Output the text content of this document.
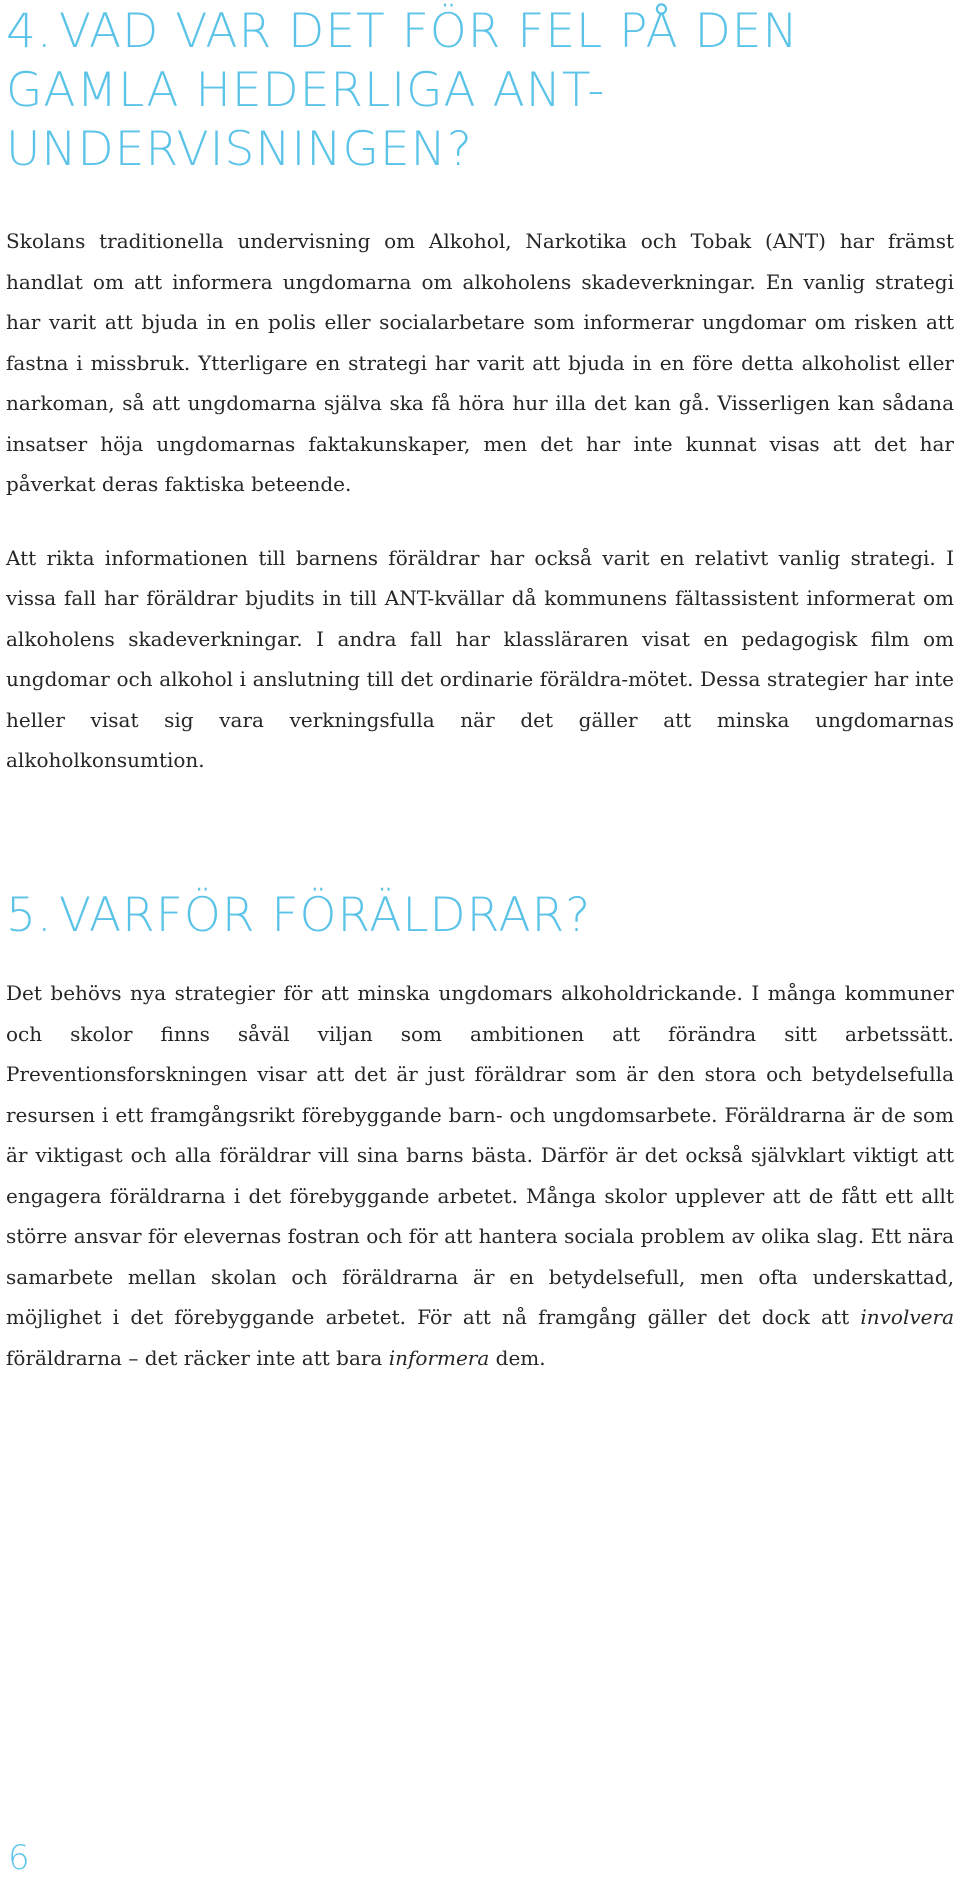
4. VAD VAR DET FÖR FEL PÅ DEN GAMLA HEDERLIGA ANT-UNDERVISNINGEN?

Skolans traditionella undervisning om Alkohol, Narkotika och Tobak (ANT) har främst handlat om att informera ungdomarna om alkoholens skadeverkningar. En vanlig strategi har varit att bjuda in en polis eller socialarbetare som informerar ungdomar om risken att fastna i missbruk. Ytterligare en strategi har varit att bjuda in en före detta alkoholist eller narkoman, så att ungdomarna själva ska få höra hur illa det kan gå. Visserligen kan sådana insatser höja ungdomarnas faktakunskaper, men det har inte kunnat visas att det har påverkat deras faktiska beteende.

Att rikta informationen till barnens föräldrar har också varit en relativt vanlig strategi. I vissa fall har föräldrar bjudits in till ANT-kvällar då kommunens fältassistent informerat om alkoholens skadeverkningar. I andra fall har klassläraren visat en pedagogisk film om ungdomar och alkohol i anslutning till det ordinarie föräldra-mötet. Dessa strategier har inte heller visat sig vara verkningsfulla när det gäller att minska ungdomarnas alkoholkonsumtion.

5. VARFÖR FÖRÄLDRAR?

Det behövs nya strategier för att minska ungdomars alkoholdrickande. I många kommuner och skolor finns såväl viljan som ambitionen att förändra sitt arbetssätt. Preventionsforskningen visar att det är just föräldrar som är den stora och betydelsefulla resursen i ett framgångsrikt förebyggande barn- och ungdomsarbete. Föräldrarna är de som är viktigast och alla föräldrar vill sina barns bästa. Därför är det också självklart viktigt att engagera föräldrarna i det förebyggande arbetet. Många skolor upplever att de fått ett allt större ansvar för elevernas fostran och för att hantera sociala problem av olika slag. Ett nära samarbete mellan skolan och föräldrarna är en betydelsefull, men ofta underskattad, möjlighet i det förebyggande arbetet. För att nå framgång gäller det dock att involvera föräldrarna – det räcker inte att bara informera dem.

6
